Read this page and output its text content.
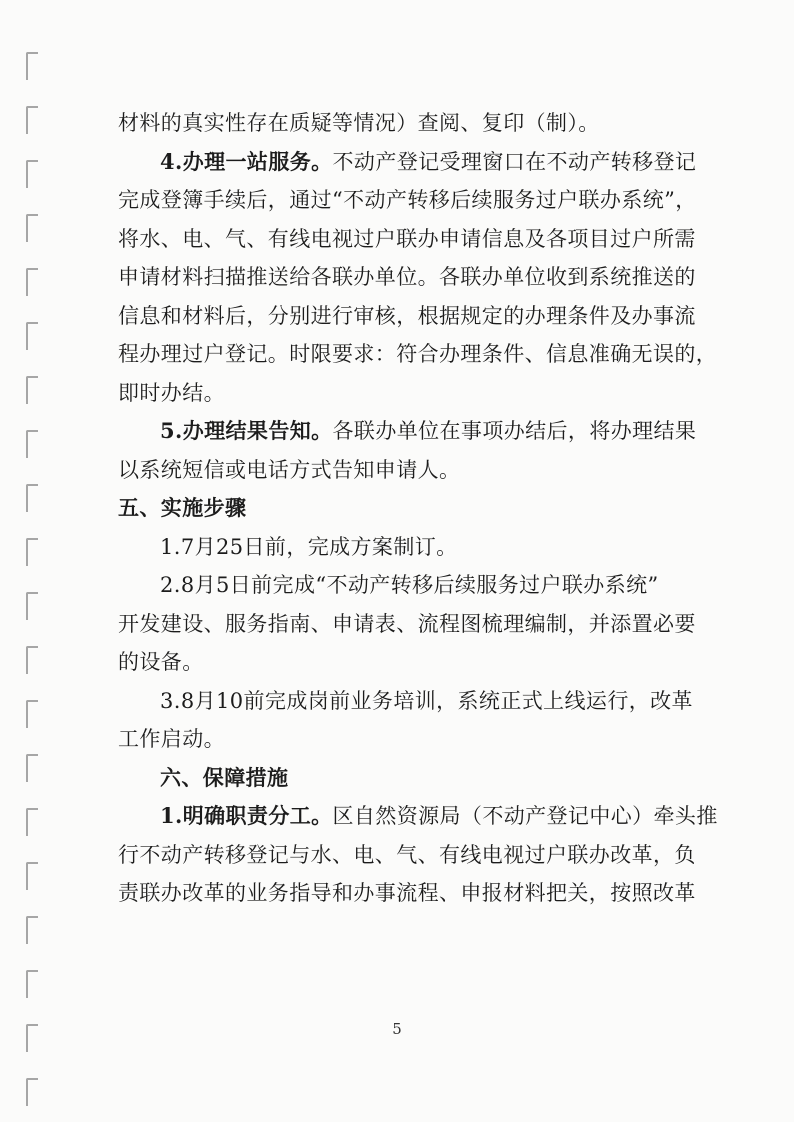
材料的真实性存在质疑等情况）查阅、复印（制）。
4.办理一站服务。不动产登记受理窗口在不动产转移登记
完成登簿手续后，通过“不动产转移后续服务过户联办系统”，
将水、电、气、有线电视过户联办申请信息及各项目过户所需
申请材料扫描推送给各联办单位。各联办单位收到系统推送的
信息和材料后，分别进行审核，根据规定的办理条件及办事流
程办理过户登记。时限要求：符合办理条件、信息准确无误的，
即时办结。
5.办理结果告知。各联办单位在事项办结后，将办理结果
以系统短信或电话方式告知申请人。
五、实施步骤
1.7月25日前，完成方案制订。
2.8月5日前完成“不动产转移后续服务过户联办系统”
开发建设、服务指南、申请表、流程图梳理编制，并添置必要
的设备。
3.8月10前完成岗前业务培训，系统正式上线运行，改革
工作启动。
六、保障措施
1.明确职责分工。区自然资源局（不动产登记中心）牵头推
行不动产转移登记与水、电、气、有线电视过户联办改革，负
责联办改革的业务指导和办事流程、申报材料把关，按照改革
5
